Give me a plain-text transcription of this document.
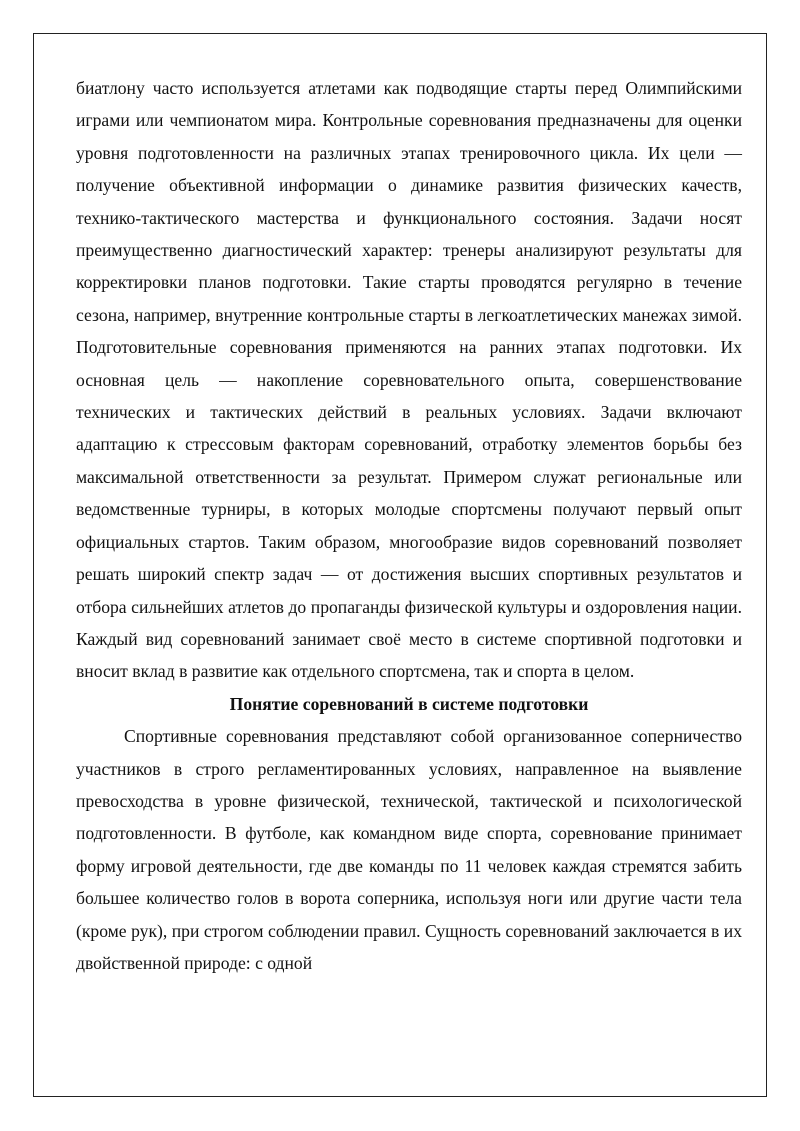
биатлону часто используется атлетами как подводящие старты перед Олимпийскими играми или чемпионатом мира. Контрольные соревнования предназначены для оценки уровня подготовленности на различных этапах тренировочного цикла. Их цели — получение объективной информации о динамике развития физических качеств, технико-тактического мастерства и функционального состояния. Задачи носят преимущественно диагностический характер: тренеры анализируют результаты для корректировки планов подготовки. Такие старты проводятся регулярно в течение сезона, например, внутренние контрольные старты в легкоатлетических манежах зимой. Подготовительные соревнования применяются на ранних этапах подготовки. Их основная цель — накопление соревновательного опыта, совершенствование технических и тактических действий в реальных условиях. Задачи включают адаптацию к стрессовым факторам соревнований, отработку элементов борьбы без максимальной ответственности за результат. Примером служат региональные или ведомственные турниры, в которых молодые спортсмены получают первый опыт официальных стартов. Таким образом, многообразие видов соревнований позволяет решать широкий спектр задач — от достижения высших спортивных результатов и отбора сильнейших атлетов до пропаганды физической культуры и оздоровления нации. Каждый вид соревнований занимает своё место в системе спортивной подготовки и вносит вклад в развитие как отдельного спортсмена, так и спорта в целом.

Понятие соревнований в системе подготовки

Спортивные соревнования представляют собой организованное соперничество участников в строго регламентированных условиях, направленное на выявление превосходства в уровне физической, технической, тактической и психологической подготовленности. В футболе, как командном виде спорта, соревнование принимает форму игровой деятельности, где две команды по 11 человек каждая стремятся забить большее количество голов в ворота соперника, используя ноги или другие части тела (кроме рук), при строгом соблюдении правил. Сущность соревнований заключается в их двойственной природе: с одной
